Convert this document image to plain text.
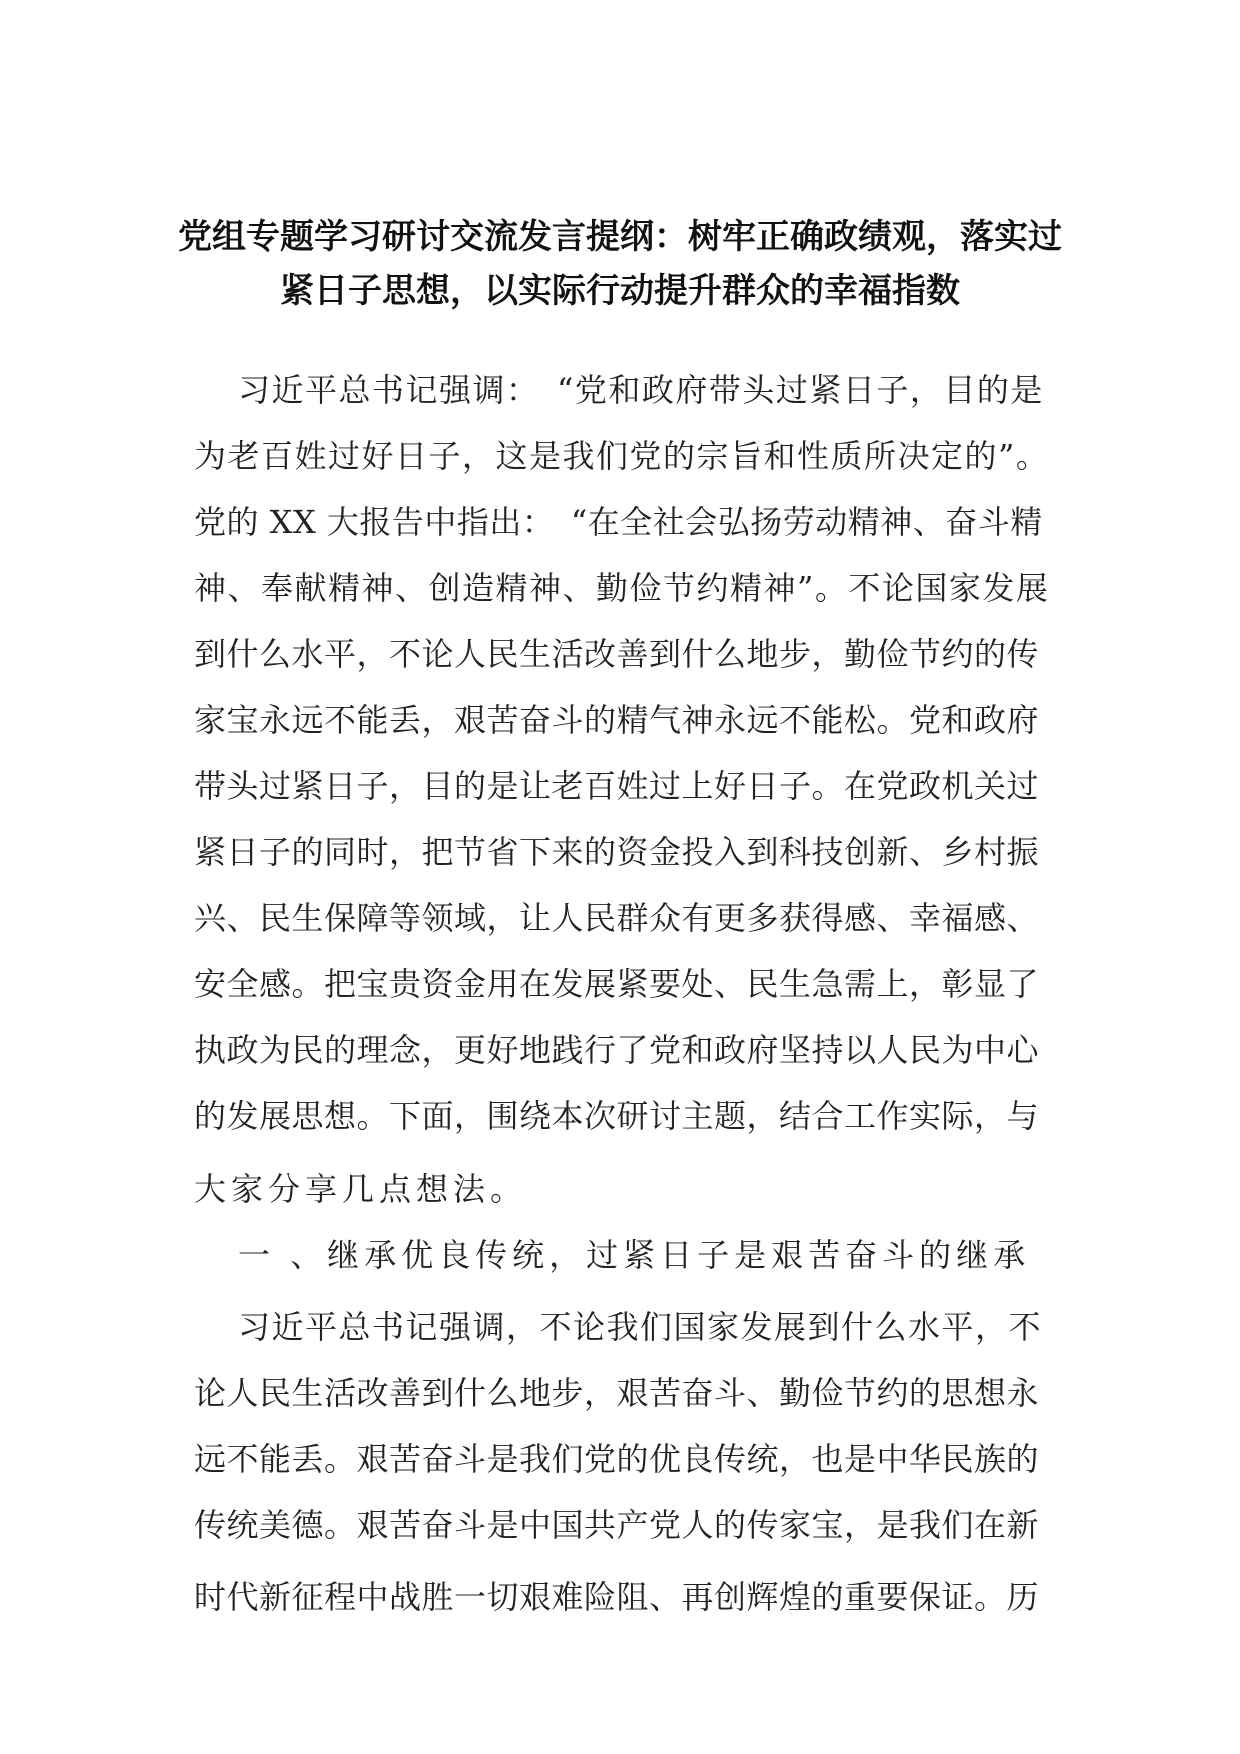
党组专题学习研讨交流发言提纲：树牢正确政绩观，落实过
紧日子思想，以实际行动提升群众的幸福指数
习近平总书记强调：　“党和政府带头过紧日子，目的是
为老百姓过好日子，这是我们党的宗旨和性质所决定的”。
党的 XX 大报告中指出：　“在全社会弘扬劳动精神、奋斗精
神、奉献精神、创造精神、勤俭节约精神”。不论国家发展
到什么水平，不论人民生活改善到什么地步，勤俭节约的传
家宝永远不能丢，艰苦奋斗的精气神永远不能松。党和政府
带头过紧日子，目的是让老百姓过上好日子。在党政机关过
紧日子的同时，把节省下来的资金投入到科技创新、乡村振
兴、民生保障等领域，让人民群众有更多获得感、幸福感、
安全感。把宝贵资金用在发展紧要处、民生急需上，彰显了
执政为民的理念，更好地践行了党和政府坚持以人民为中心
的发展思想。下面，围绕本次研讨主题，结合工作实际，与
大家分享几点想法。
一 、继承优良传统，过紧日子是艰苦奋斗的继承
习近平总书记强调，不论我们国家发展到什么水平，不
论人民生活改善到什么地步，艰苦奋斗、勤俭节约的思想永
远不能丢。艰苦奋斗是我们党的优良传统，也是中华民族的
传统美德。艰苦奋斗是中国共产党人的传家宝，是我们在新
时代新征程中战胜一切艰难险阻、再创辉煌的重要保证。历
